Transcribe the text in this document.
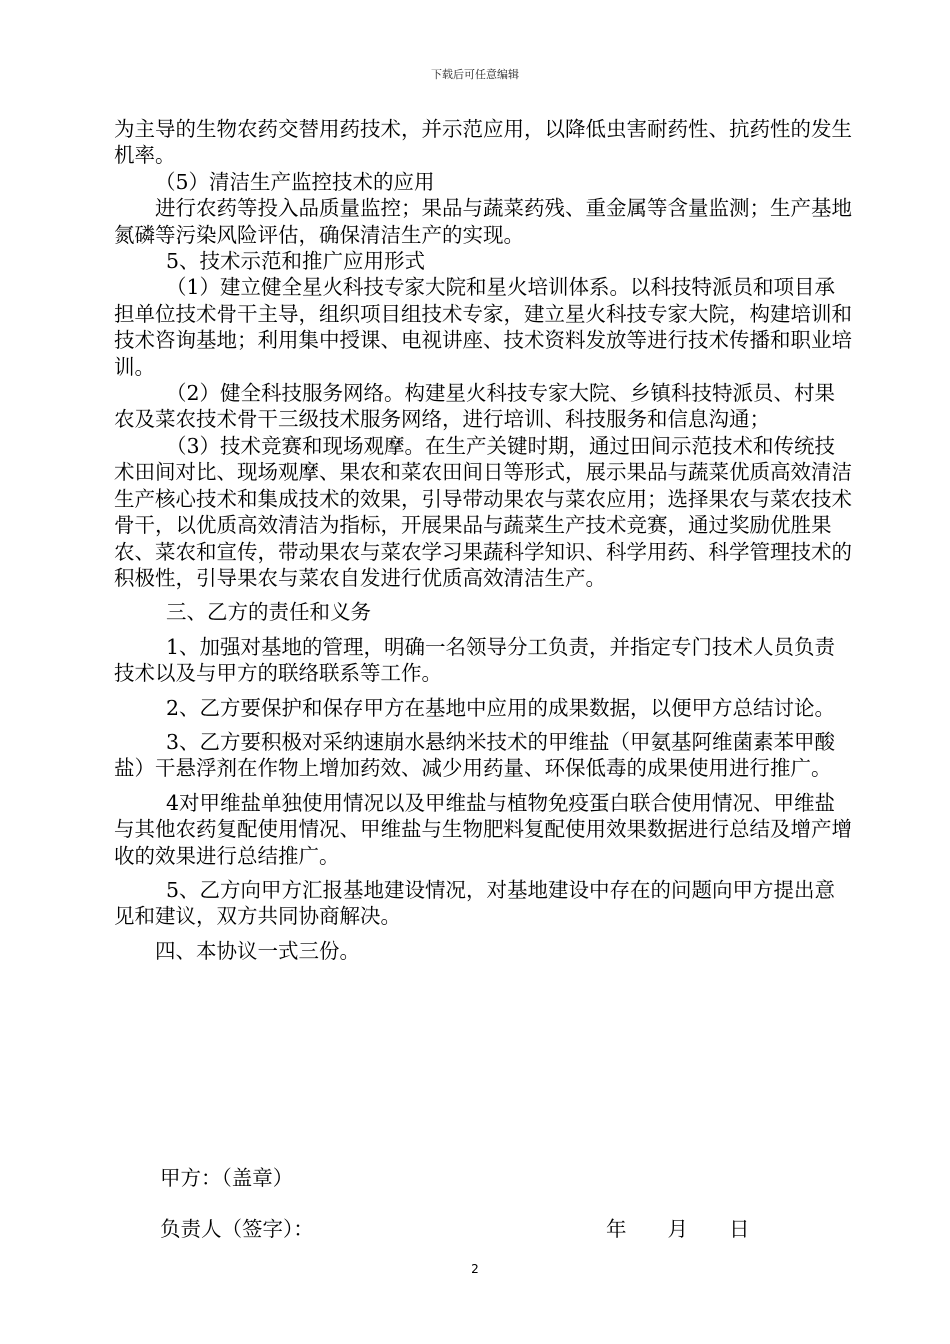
下载后可任意编辑

为主导的生物农药交替用药技术，并示范应用，以降低虫害耐药性、抗药性的发生机率。

（5）清洁生产监控技术的应用

进行农药等投入品质量监控；果品与蔬菜药残、重金属等含量监测；生产基地氮磷等污染风险评估，确保清洁生产的实现。

5、技术示范和推广应用形式

（1）建立健全星火科技专家大院和星火培训体系。以科技特派员和项目承担单位技术骨干主导，组织项目组技术专家，建立星火科技专家大院，构建培训和技术咨询基地；利用集中授课、电视讲座、技术资料发放等进行技术传播和职业培训。

（2）健全科技服务网络。构建星火科技专家大院、乡镇科技特派员、村果农及菜农技术骨干三级技术服务网络，进行培训、科技服务和信息沟通；

（3）技术竞赛和现场观摩。在生产关键时期，通过田间示范技术和传统技术田间对比、现场观摩、果农和菜农田间日等形式，展示果品与蔬菜优质高效清洁生产核心技术和集成技术的效果，引导带动果农与菜农应用；选择果农与菜农技术骨干，以优质高效清洁为指标，开展果品与蔬菜生产技术竞赛，通过奖励优胜果农、菜农和宣传，带动果农与菜农学习果蔬科学知识、科学用药、科学管理技术的积极性，引导果农与菜农自发进行优质高效清洁生产。

三、乙方的责任和义务

1、加强对基地的管理，明确一名领导分工负责，并指定专门技术人员负责技术以及与甲方的联络联系等工作。

2、乙方要保护和保存甲方在基地中应用的成果数据，以便甲方总结讨论。

3、乙方要积极对采纳速崩水悬纳米技术的甲维盐（甲氨基阿维菌素苯甲酸盐）干悬浮剂在作物上增加药效、减少用药量、环保低毒的成果使用进行推广。

4对甲维盐单独使用情况以及甲维盐与植物免疫蛋白联合使用情况、甲维盐与其他农药复配使用情况、甲维盐与生物肥料复配使用效果数据进行总结及增产增收的效果进行总结推广。

5、乙方向甲方汇报基地建设情况，对基地建设中存在的问题向甲方提出意见和建议，双方共同协商解决。

四、本协议一式三份。

甲方：（盖章）
负责人（签字）：	年　　月　　日
2
